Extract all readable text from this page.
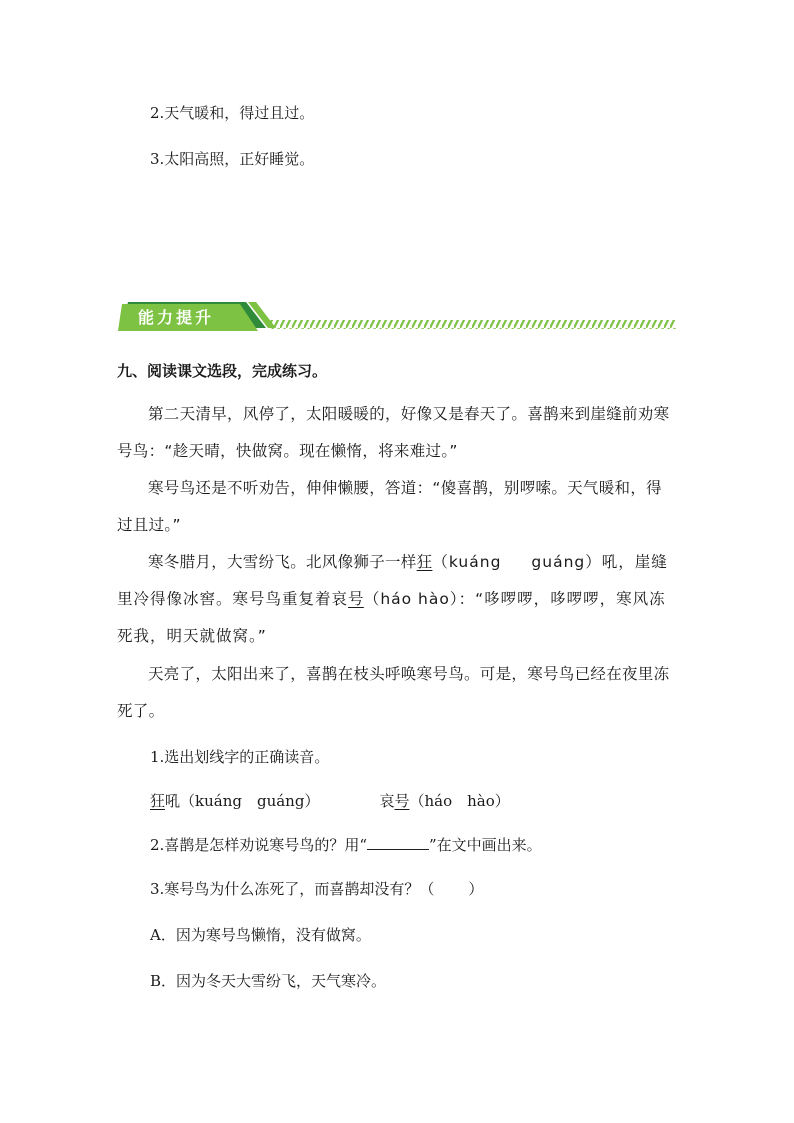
2.天气暖和，得过且过。
3.太阳高照，正好睡觉。
能力提升
九、阅读课文选段，完成练习。
第二天清早，风停了，太阳暖暖的，好像又是春天了。喜鹊来到崖缝前劝寒号鸟：“趁天晴，快做窝。现在懒惰，将来难过。”
寒号鸟还是不听劝告，伸伸懒腰，答道：“傻喜鹊，别啰嗦。天气暖和，得过且过。”
寒冬腊月，大雪纷飞。北风像狮子一样狂（kuáng guáng）吼，崖缝里冷得像冰窖。寒号鸟重复着哀号（háo hào）：“哆啰啰，哆啰啰，寒风冻死我，明天就做窝。”
天亮了，太阳出来了，喜鹊在枝头呼唤寒号鸟。可是，寒号鸟已经在夜里冻死了。
1.选出划线字的正确读音。
狂吼（kuáng　guáng）	哀号（háo　hào）
2.喜鹊是怎样劝说寒号鸟的？用“	”在文中画出来。
3.寒号鸟为什么冻死了，而喜鹊却没有？（ ）
A．因为寒号鸟懒惰，没有做窝。
B．因为冬天大雪纷飞，天气寒冷。
